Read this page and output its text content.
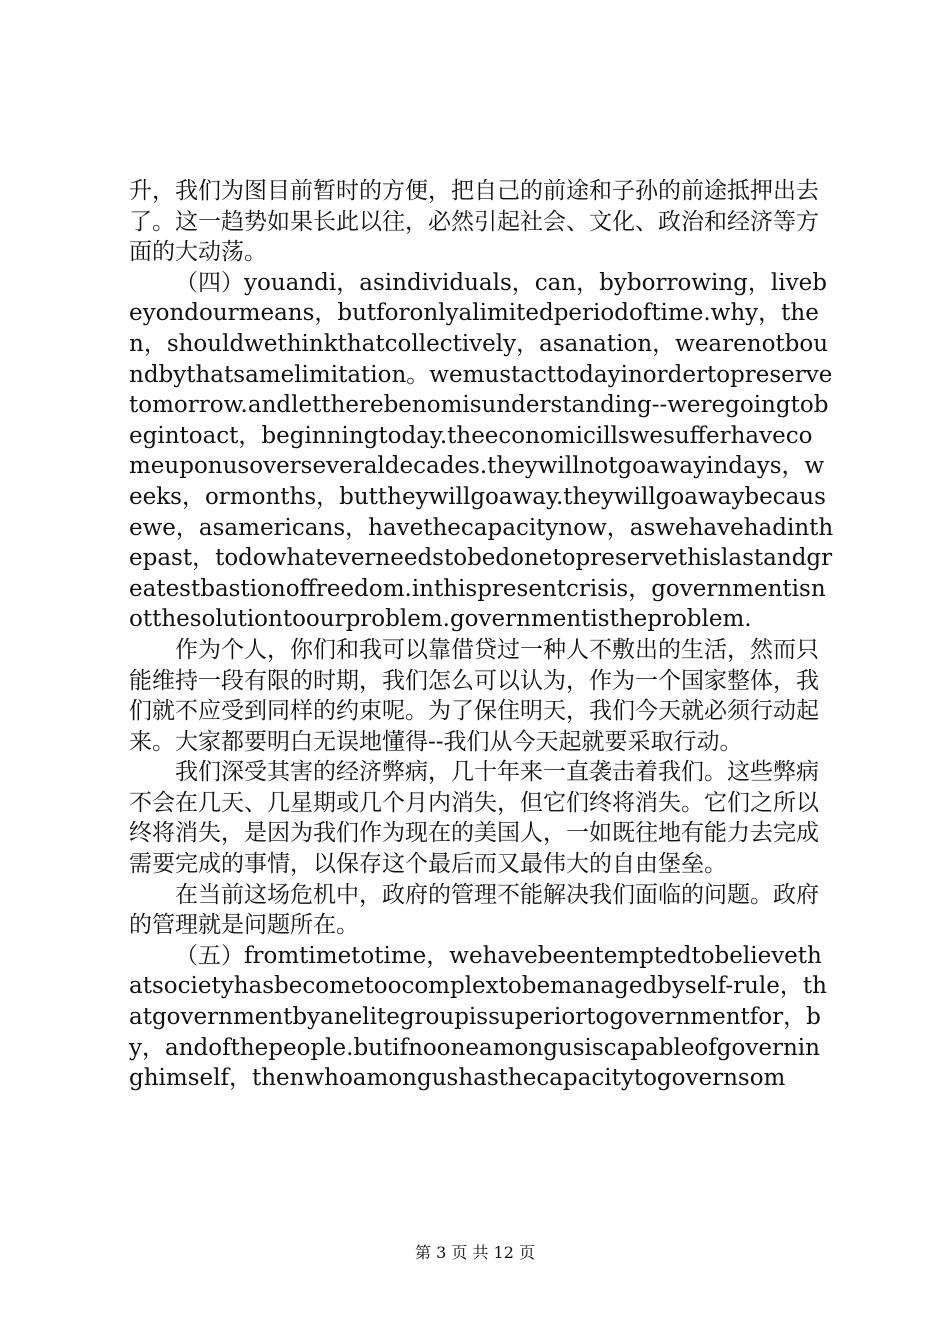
升，我们为图目前暂时的方便，把自己的前途和子孙的前途抵押出去了。这一趋势如果长此以往，必然引起社会、文化、政治和经济等方面的大动荡。

（四）youandi，asindividuals，can，byborrowing，livebeyondourmeans，butforonlyalimitedperiodoftime.why，then，shouldwethinkthatcollectively，asanation，wearenotboundbythatsamelimitation。wemustacttodayinordertopreservetomorrow.andlettherebenomisunderstanding--weregoingtobegintoact，beginningtoday.theeconomicillswesufferhavecomeuponusoverseveraldecades.theywillnotgoawayindays，weeks，ormonths，buttheywillgoaway.theywillgoawaybecausewe，asamericans，havethecapacitynow，aswehavehadinthepast，todowhateverneedstobedonetopreservethislastandgreatestbastionoffreedom.inthispresentcrisis，governmentisnotthesolutiontoourproblem.governmentistheproblem.

作为个人，你们和我可以靠借贷过一种人不敷出的生活，然而只能维持一段有限的时期，我们怎么可以认为，作为一个国家整体，我们就不应受到同样的约束呢。为了保住明天，我们今天就必须行动起来。大家都要明白无误地懂得--我们从今天起就要采取行动。

我们深受其害的经济弊病，几十年来一直袭击着我们。这些弊病不会在几天、几星期或几个月内消失，但它们终将消失。它们之所以终将消失，是因为我们作为现在的美国人，一如既往地有能力去完成需要完成的事情，以保存这个最后而又最伟大的自由堡垒。

在当前这场危机中，政府的管理不能解决我们面临的问题。政府的管理就是问题所在。

（五）fromtimetotime，wehavebeentemptedtobelievethatsocietyhasbecometoocomplextobemanagedbyself-rule，thatgovernmentbyanelitegroupissuperiortogovernmentfor，by，andofthepeople.butifnooneamongusiscapableofgoverninghimself，thenwhoamongushasthecapacitytogovernsom

第 3 页 共 12 页
